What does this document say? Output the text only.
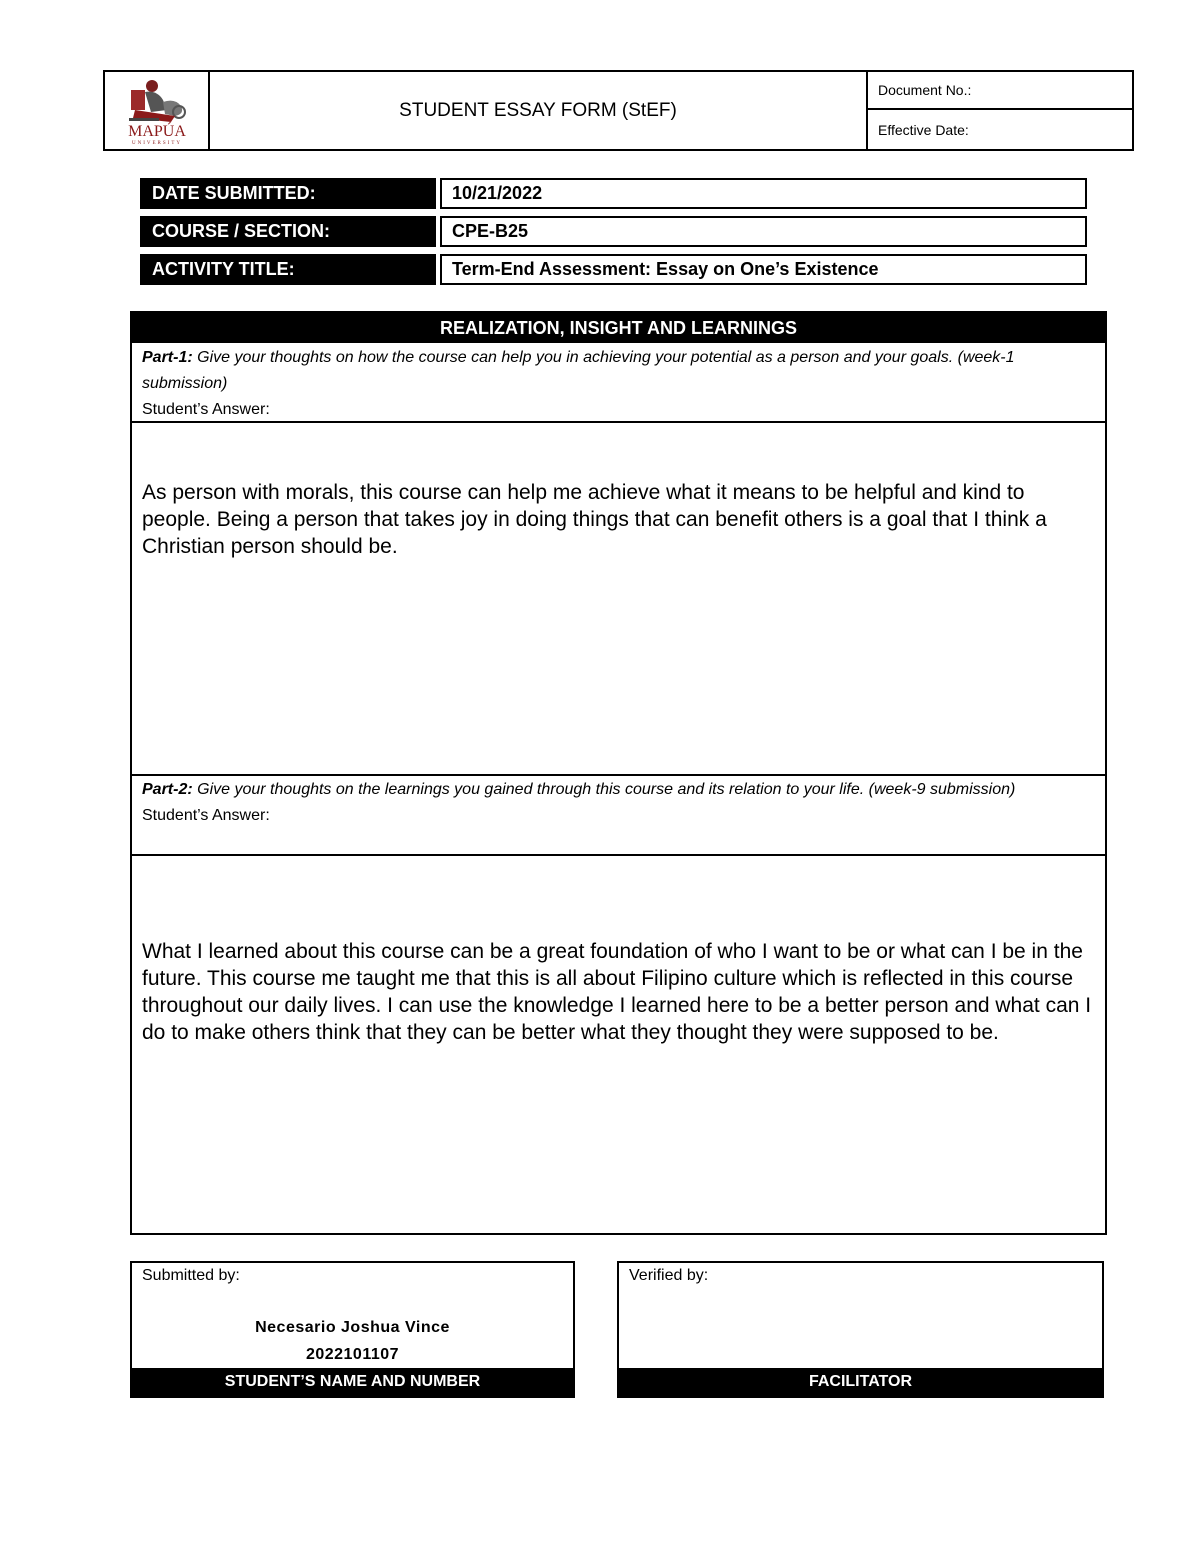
MAPÚA
UNIVERSITY
STUDENT ESSAY FORM (StEF)
Document No.:
Effective Date:
DATE SUBMITTED:	10/21/2022
COURSE / SECTION:	CPE-B25
ACTIVITY TITLE:	Term-End Assessment: Essay on One’s Existence
REALIZATION, INSIGHT AND LEARNINGS
Part-1: Give your thoughts on how the course can help you in achieving your potential as a person and your goals. (week-1 submission)
Student’s Answer:
As person with morals, this course can help me achieve what it means to be helpful and kind to people. Being a person that takes joy in doing things that can benefit others is a goal that I think a Christian person should be.
Part-2: Give your thoughts on the learnings you gained through this course and its relation to your life. (week-9 submission)
Student’s Answer:
What I learned about this course can be a great foundation of who I want to be or what can I be in the future. This course me taught me that this is all about Filipino culture which is reflected in this course throughout our daily lives. I can use the knowledge I learned here to be a better person and what can I do to make others think that they can be better what they thought they were supposed to be.
Submitted by:
Necesario Joshua Vince
2022101107
STUDENT’S NAME AND NUMBER
Verified by:
FACILITATOR
